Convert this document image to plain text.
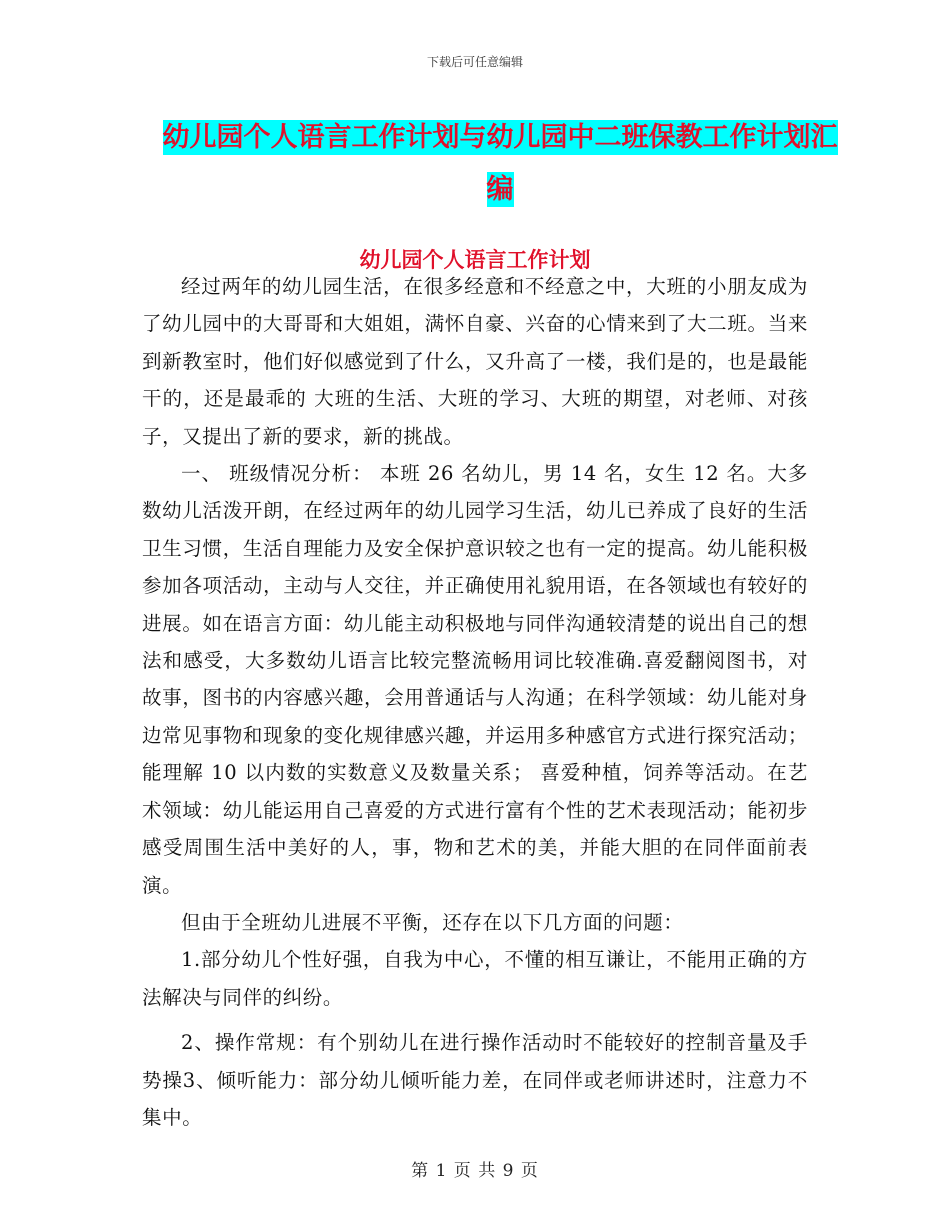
下载后可任意编辑
幼儿园个人语言工作计划与幼儿园中二班保教工作计划汇编
幼儿园个人语言工作计划

经过两年的幼儿园生活，在很多经意和不经意之中，大班的小朋友成为了幼儿园中的大哥哥和大姐姐，满怀自豪、兴奋的心情来到了大二班。当来到新教室时，他们好似感觉到了什么，又升高了一楼，我们是的，也是最能干的，还是最乖的 大班的生活、大班的学习、大班的期望，对老师、对孩子，又提出了新的要求，新的挑战。

一、 班级情况分析： 本班 26 名幼儿，男 14 名，女生 12 名。大多数幼儿活泼开朗，在经过两年的幼儿园学习生活，幼儿已养成了良好的生活卫生习惯，生活自理能力及安全保护意识较之也有一定的提高。幼儿能积极参加各项活动，主动与人交往，并正确使用礼貌用语，在各领域也有较好的进展。如在语言方面：幼儿能主动积极地与同伴沟通较清楚的说出自己的想法和感受，大多数幼儿语言比较完整流畅用词比较准确.喜爱翻阅图书，对故事，图书的内容感兴趣，会用普通话与人沟通；在科学领域：幼儿能对身边常见事物和现象的变化规律感兴趣，并运用多种感官方式进行探究活动；能理解 10 以内数的实数意义及数量关系； 喜爱种植，饲养等活动。在艺术领域：幼儿能运用自己喜爱的方式进行富有个性的艺术表现活动；能初步感受周围生活中美好的人，事，物和艺术的美，并能大胆的在同伴面前表演。

但由于全班幼儿进展不平衡，还存在以下几方面的问题：

1.部分幼儿个性好强，自我为中心，不懂的相互谦让，不能用正确的方法解决与同伴的纠纷。

2、操作常规：有个别幼儿在进行操作活动时不能较好的控制音量及手势操3、倾听能力：部分幼儿倾听能力差，在同伴或老师讲述时，注意力不集中。

第 1 页 共 9 页
